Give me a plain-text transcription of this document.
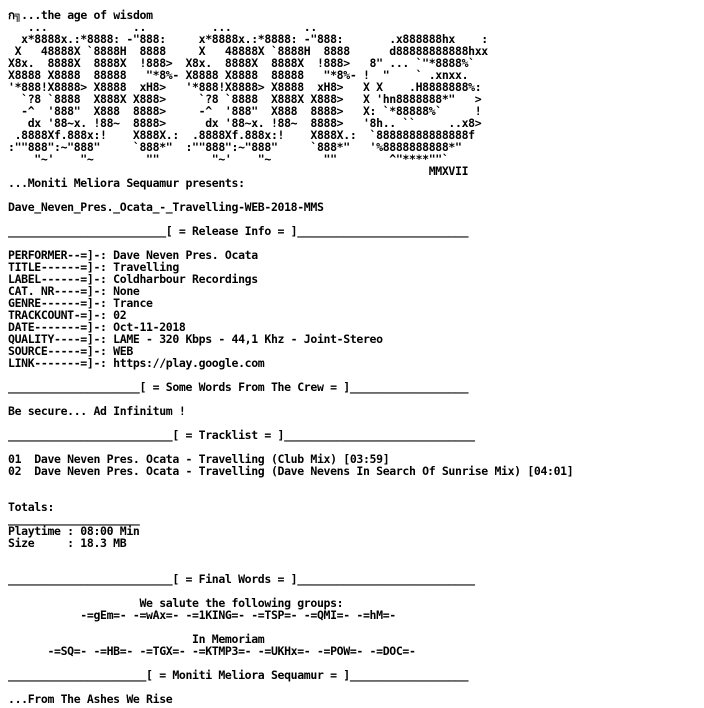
ก╗...the age of wisdom
...             ..          ...           ..
x*8888x.:*8888: -"888:     x*8888x.:*8888: -"888:       .x888888hx    :
X   48888X `8888H  8888     X   48888X `8888H  8888      d88888888888hxx
X8x.  8888X  8888X  !888>  X8x.  8888X  8888X  !888>   8" ... `"*8888%`
X8888 X8888  88888   "*8%- X8888 X8888  88888   "*8%- !  "    ` .xnxx.
'*888!X8888> X8888  xH8>   '*888!X8888> X8888  xH8>   X X    .H8888888%:
`?8 `8888  X888X X888>     `?8 `8888  X888X X888>   X 'hn8888888*"   >
-^  '888"  X888  8888>     -^  '888"  X888  8888>   X: `*88888%`     !
dx '88~x. !88~  8888>      dx '88~x. !88~  8888>   '8h.. ``     ..x8>
.8888Xf.888x:!    X888X.:  .8888Xf.888x:!    X888X.:  `88888888888888f
:""888":~"888"     `888*"  :""888":~"888"     `888*"   '%8888888888*"
"~'    "~        ""        "~'    "~        ""        ^"****""`
MMXVII
...Moniti Meliora Sequamur presents:
Dave_Neven_Pres._Ocata_-_Travelling-WEB-2018-MMS
________________________[ = Release Info = ]__________________________
PERFORMER--=]-: Dave Neven Pres. Ocata
TITLE------=]-: Travelling
LABEL------=]-: Coldharbour Recordings
CAT. NR----=]-: None
GENRE------=]-: Trance
TRACKCOUNT-=]-: 02
DATE-------=]-: Oct-11-2018
QUALITY----=]-: LAME - 320 Kbps - 44,1 Khz - Joint-Stereo
SOURCE-----=]-: WEB
LINK-------=]-: https://play.google.com
____________________[ = Some Words From The Crew = ]__________________
Be secure... Ad Infinitum !
_________________________[ = Tracklist = ]_____________________________
01  Dave Neven Pres. Ocata - Travelling (Club Mix) [03:59]
02  Dave Neven Pres. Ocata - Travelling (Dave Nevens In Search Of Sunrise Mix) [04:01]
Totals:
____________________
Playtime : 08:00 Min
Size     : 18.3 MB
_________________________[ = Final Words = ]___________________________
We salute the following groups:
-=gEm=- -=wAx=- -=1KING=- -=TSP=- -=QMI=- -=hM=-
In Memoriam
-=SQ=- -=HB=- -=TGX=- -=KTMP3=- -=UKHx=- -=POW=- -=DOC=-
_____________________[ = Moniti Meliora Sequamur = ]__________________
...From The Ashes We Rise
